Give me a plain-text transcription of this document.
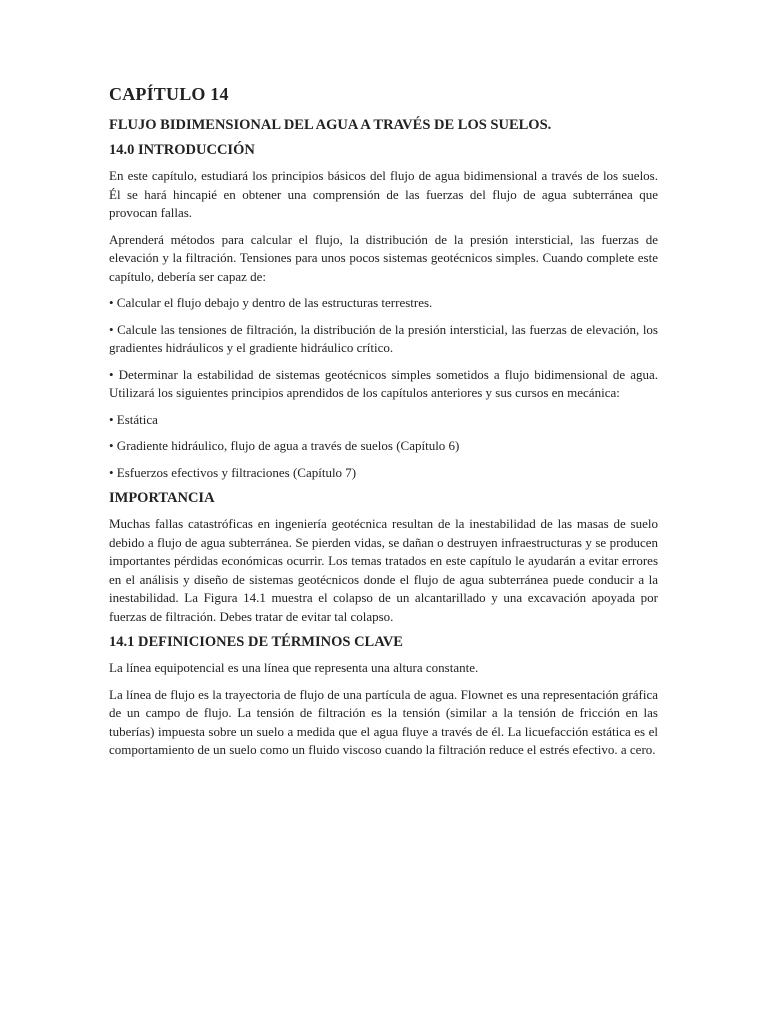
CAPÍTULO 14
FLUJO BIDIMENSIONAL DEL AGUA A TRAVÉS DE LOS SUELOS.
14.0 INTRODUCCIÓN

En este capítulo, estudiará los principios básicos del flujo de agua bidimensional a través de los suelos. Él se hará hincapié en obtener una comprensión de las fuerzas del flujo de agua subterránea que provocan fallas.

Aprenderá métodos para calcular el flujo, la distribución de la presión intersticial, las fuerzas de elevación y la filtración. Tensiones para unos pocos sistemas geotécnicos simples. Cuando complete este capítulo, debería ser capaz de:

• Calcular el flujo debajo y dentro de las estructuras terrestres.

• Calcule las tensiones de filtración, la distribución de la presión intersticial, las fuerzas de elevación, los gradientes hidráulicos y el gradiente hidráulico crítico.

• Determinar la estabilidad de sistemas geotécnicos simples sometidos a flujo bidimensional de agua. Utilizará los siguientes principios aprendidos de los capítulos anteriores y sus cursos en mecánica:

• Estática

• Gradiente hidráulico, flujo de agua a través de suelos (Capítulo 6)

• Esfuerzos efectivos y filtraciones (Capítulo 7)

IMPORTANCIA

Muchas fallas catastróficas en ingeniería geotécnica resultan de la inestabilidad de las masas de suelo debido a flujo de agua subterránea. Se pierden vidas, se dañan o destruyen infraestructuras y se producen importantes pérdidas económicas ocurrir. Los temas tratados en este capítulo le ayudarán a evitar errores en el análisis y diseño de sistemas geotécnicos donde el flujo de agua subterránea puede conducir a la inestabilidad. La Figura 14.1 muestra el colapso de un alcantarillado y una excavación apoyada por fuerzas de filtración. Debes tratar de evitar tal colapso.

14.1 DEFINICIONES DE TÉRMINOS CLAVE

La línea equipotencial es una línea que representa una altura constante.

La línea de flujo es la trayectoria de flujo de una partícula de agua. Flownet es una representación gráfica de un campo de flujo. La tensión de filtración es la tensión (similar a la tensión de fricción en las tuberías) impuesta sobre un suelo a medida que el agua fluye a través de él. La licuefacción estática es el comportamiento de un suelo como un fluido viscoso cuando la filtración reduce el estrés efectivo. a cero.
